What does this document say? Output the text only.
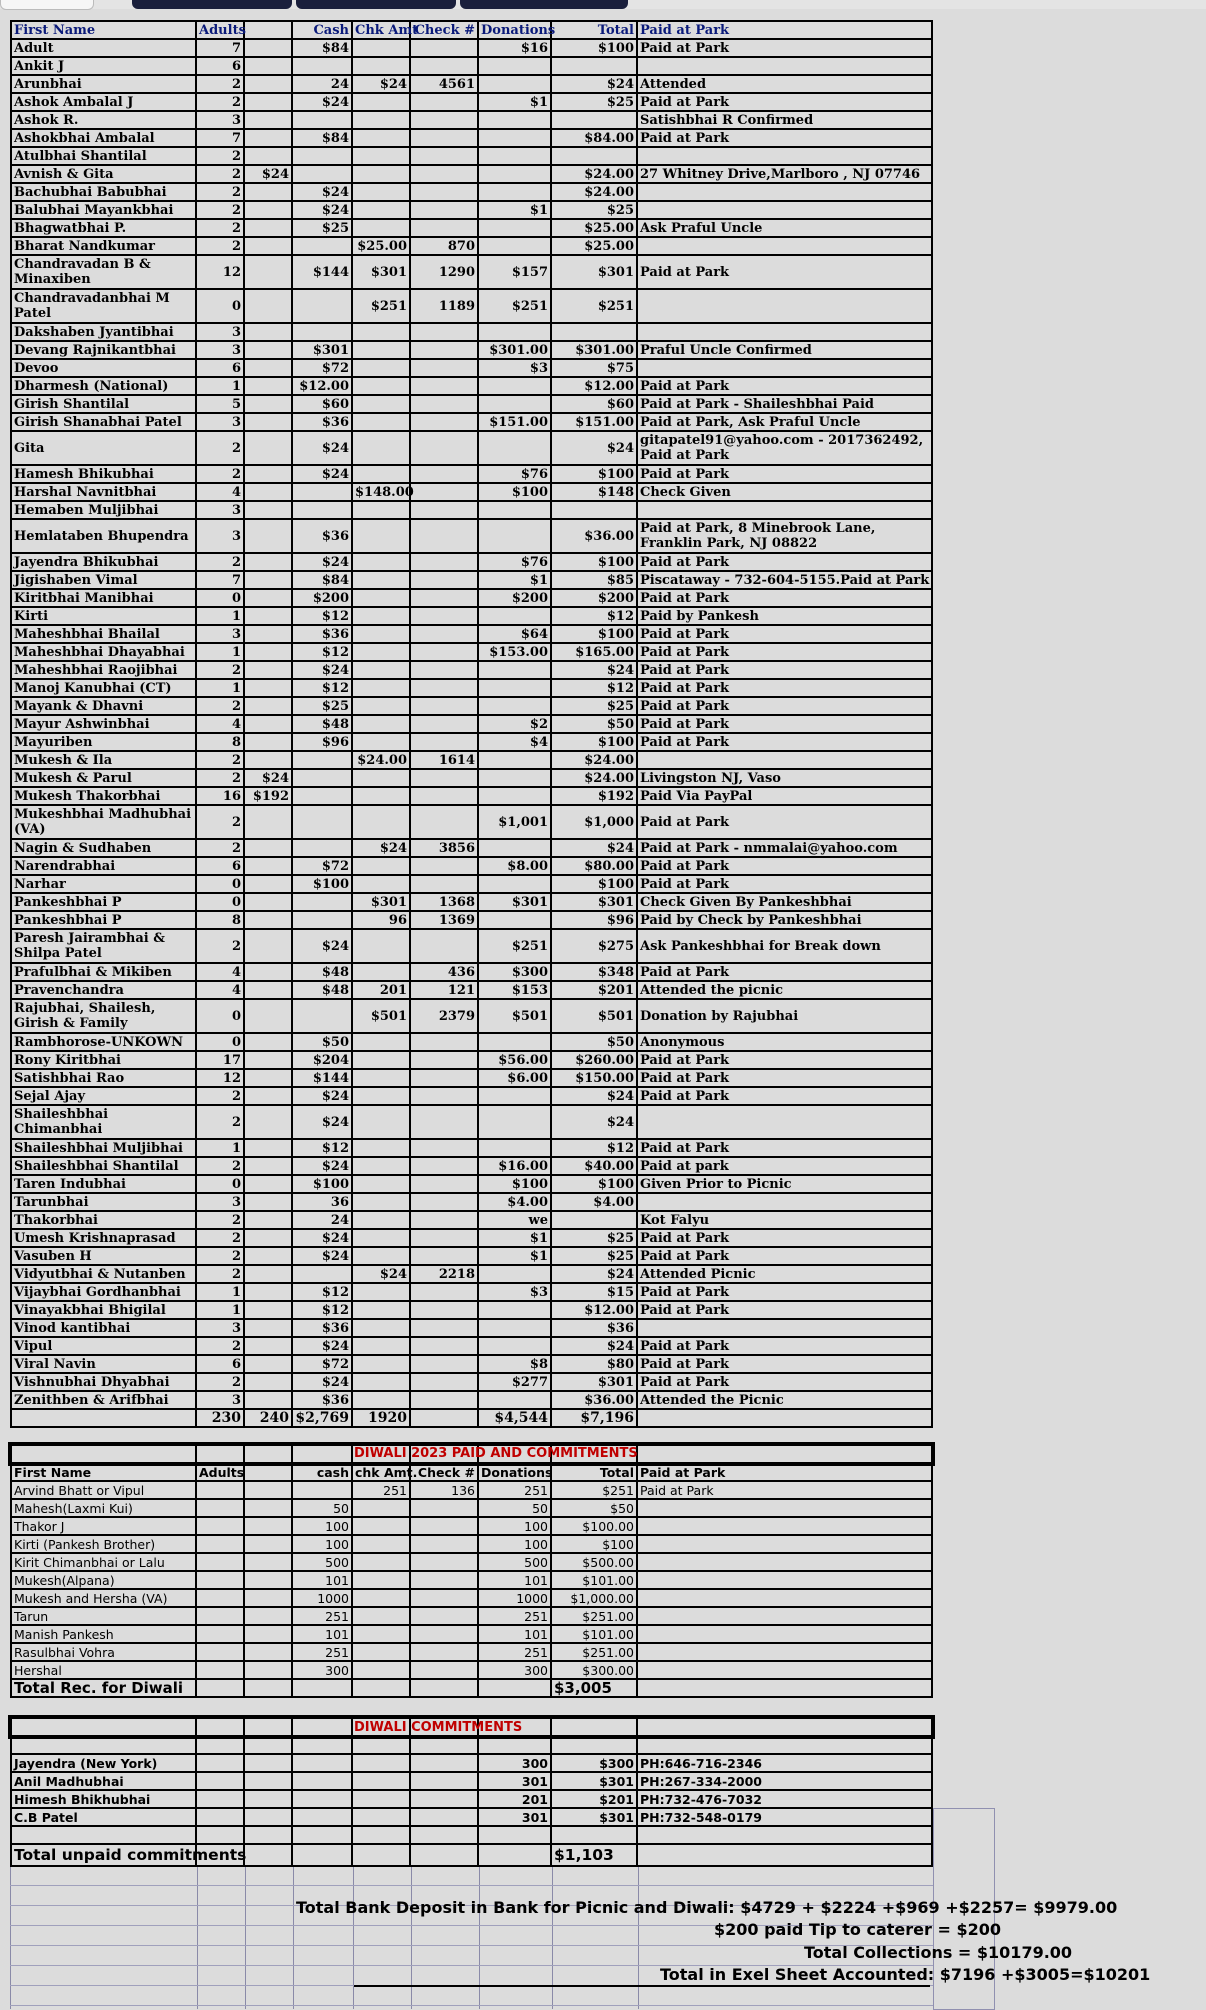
First Name	Adults		Cash	Chk Amt	Check #	Donations	Total	Paid at Park
Adult	7		$84			$16	$100	Paid at Park
Ankit J	6							
Arunbhai	2		24	$24	4561		$24	Attended
Ashok Ambalal J	2		$24			$1	$25	Paid at Park
Ashok R.	3							Satishbhai R Confirmed
Ashokbhai Ambalal	7		$84				$84.00	Paid at Park
Atulbhai Shantilal	2							
Avnish & Gita	2	$24					$24.00	27 Whitney Drive,Marlboro , NJ 07746
Bachubhai Babubhai	2		$24				$24.00	
Balubhai Mayankbhai	2		$24			$1	$25	
Bhagwatbhai P.	2		$25				$25.00	Ask Praful Uncle
Bharat Nandkumar	2			$25.00	870		$25.00	
Chandravadan B & Minaxiben	12		$144	$301	1290	$157	$301	Paid at Park
Chandravadanbhai M Patel	0			$251	1189	$251	$251	
Dakshaben Jyantibhai	3							
Devang Rajnikantbhai	3		$301			$301.00	$301.00	Praful Uncle Confirmed
Devoo	6		$72			$3	$75	
Dharmesh (National)	1		$12.00				$12.00	Paid at Park
Girish Shantilal	5		$60				$60	Paid at Park - Shaileshbhai Paid
Girish Shanabhai Patel	3		$36			$151.00	$151.00	Paid at Park, Ask Praful Uncle
Gita	2		$24				$24	gitapatel91@yahoo.com - 2017362492, Paid at Park
Hamesh Bhikubhai	2		$24			$76	$100	Paid at Park
Harshal Navnitbhai	4			$148.00		$100	$148	Check Given
Hemaben Muljibhai	3							
Hemlataben Bhupendra	3		$36				$36.00	Paid at Park, 8 Minebrook Lane, Franklin Park, NJ 08822
Jayendra Bhikubhai	2		$24			$76	$100	Paid at Park
Jigishaben Vimal	7		$84			$1	$85	Piscataway - 732-604-5155.Paid at Park
Kiritbhai Manibhai	0		$200			$200	$200	Paid at Park
Kirti	1		$12				$12	Paid by Pankesh
Maheshbhai Bhailal	3		$36			$64	$100	Paid at Park
Maheshbhai Dhayabhai	1		$12			$153.00	$165.00	Paid at Park
Maheshbhai Raojibhai	2		$24				$24	Paid at Park
Manoj Kanubhai (CT)	1		$12				$12	Paid at Park
Mayank & Dhavni	2		$25				$25	Paid at Park
Mayur Ashwinbhai	4		$48			$2	$50	Paid at Park
Mayuriben	8		$96			$4	$100	Paid at Park
Mukesh & Ila	2			$24.00	1614		$24.00	
Mukesh & Parul	2	$24					$24.00	Livingston NJ, Vaso
Mukesh Thakorbhai	16	$192					$192	Paid Via PayPal
Mukeshbhai Madhubhai (VA)	2					$1,001	$1,000	Paid at Park
Nagin & Sudhaben	2			$24	3856		$24	Paid at Park - nmmalai@yahoo.com
Narendrabhai	6		$72			$8.00	$80.00	Paid at Park
Narhar	0		$100				$100	Paid at Park
Pankeshbhai P	0			$301	1368	$301	$301	Check Given By Pankeshbhai
Pankeshbhai P	8			96	1369		$96	Paid by Check by Pankeshbhai
Paresh Jairambhai & Shilpa Patel	2		$24			$251	$275	Ask Pankeshbhai for Break down
Prafulbhai & Mikiben	4		$48		436	$300	$348	Paid at Park
Pravenchandra	4		$48	201	121	$153	$201	Attended the picnic
Rajubhai, Shailesh, Girish & Family	0			$501	2379	$501	$501	Donation by Rajubhai
Rambhorose-UNKOWN	0		$50				$50	Anonymous
Rony Kiritbhai	17		$204			$56.00	$260.00	Paid at Park
Satishbhai Rao	12		$144			$6.00	$150.00	Paid at Park
Sejal Ajay	2		$24				$24	Paid at Park
Shaileshbhai Chimanbhai	2		$24				$24	
Shaileshbhai Muljibhai	1		$12				$12	Paid at Park
Shaileshbhai Shantilal	2		$24			$16.00	$40.00	Paid at park
Taren Indubhai	0		$100			$100	$100	Given Prior to Picnic
Tarunbhai	3		36			$4.00	$4.00	
Thakorbhai	2		24			we		Kot Falyu
Umesh Krishnaprasad	2		$24			$1	$25	Paid at Park
Vasuben H	2		$24			$1	$25	Paid at Park
Vidyutbhai & Nutanben	2			$24	2218		$24	Attended Picnic
Vijaybhai Gordhanbhai	1		$12			$3	$15	Paid at Park
Vinayakbhai Bhigilal	1		$12				$12.00	Paid at Park
Vinod kantibhai	3		$36				$36	
Vipul	2		$24				$24	Paid at Park
Viral Navin	6		$72			$8	$80	Paid at Park
Vishnubhai Dhyabhai	2		$24			$277	$301	Paid at Park
Zenithben & Arifbhai	3		$36				$36.00	Attended the Picnic
	230	240	$2,769	1920		$4,544	$7,196	

First Name	Adults		cash	chk Amt.	Check #	Donations	Total	Paid at Park
Arvind Bhatt or Vipul				251	136	251	$251	Paid at Park
Mahesh(Laxmi Kui)			50			50	$50	
Thakor J			100			100	$100.00	
Kirti (Pankesh Brother)			100			100	$100	
Kirit Chimanbhai or Lalu			500			500	$500.00	
Mukesh(Alpana)			101			101	$101.00	
Mukesh and Hersha (VA)			1000			1000	$1,000.00	
Tarun			251			251	$251.00	
Manish Pankesh			101			101	$101.00	
Rasulbhai Vohra			251			251	$251.00	
Hershal			300			300	$300.00	
Total Rec. for Diwali							$3,005	
DIWALI 2023 PAID AND COMMITMENTS

Jayendra (New York)						300	$300	PH:646-716-2346
Anil Madhubhai						301	$301	PH:267-334-2000
Himesh Bhikhubhai						201	$201	PH:732-476-7032
C.B Patel						301	$301	PH:732-548-0179

Total unpaid commitments							$1,103	
DIWALI COMMITMENTS
Total Bank Deposit in Bank for Picnic and Diwali: $4729 + $2224 +$969 +$2257= $9979.00
$200 paid Tip to caterer = $200
Total Collections = $10179.00
Total in Exel Sheet Accounted: $7196 +$3005=$10201
